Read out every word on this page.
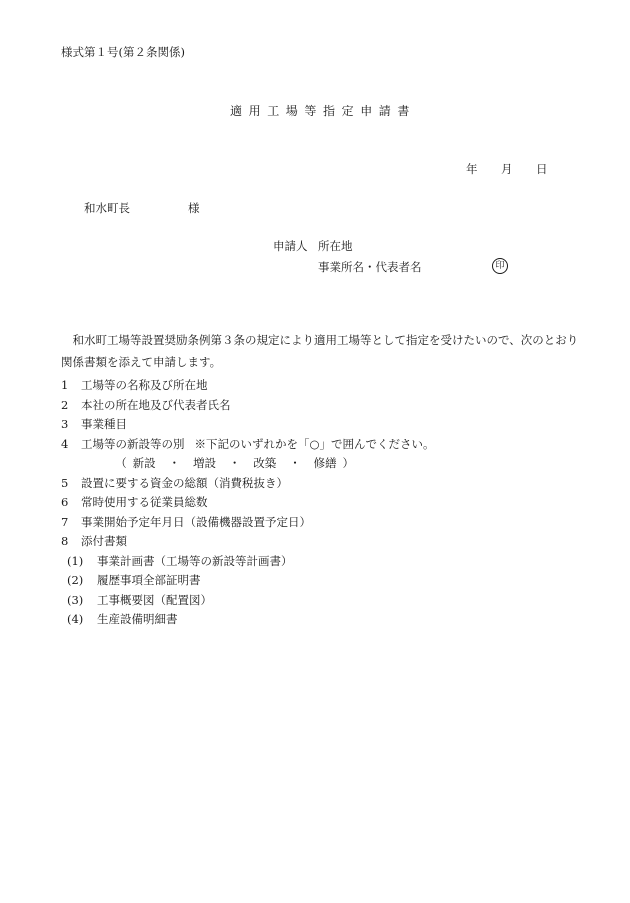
様式第１号(第２条関係)
適用工場等指定申請書
年 月 日
和水町長	様
申請人 所在地
事業所名・代表者名	印

和水町工場等設置奨励条例第３条の規定により適用工場等として指定を受けたいので、次のとおり関係書類を添えて申請します。

1 工場等の名称及び所在地
2 本社の所在地及び代表者氏名
3 事業種目
4 工場等の新設等の別 ※下記のいずれかを「○」で囲んでください。
（ 新設 ・ 増設 ・ 改築 ・ 修繕 ）
5 設置に要する資金の総額（消費税抜き）
6 常時使用する従業員総数
7 事業開始予定年月日（設備機器設置予定日）
8 添付書類
(1) 事業計画書（工場等の新設等計画書）
(2) 履歴事項全部証明書
(3) 工事概要図（配置図）
(4) 生産設備明細書
